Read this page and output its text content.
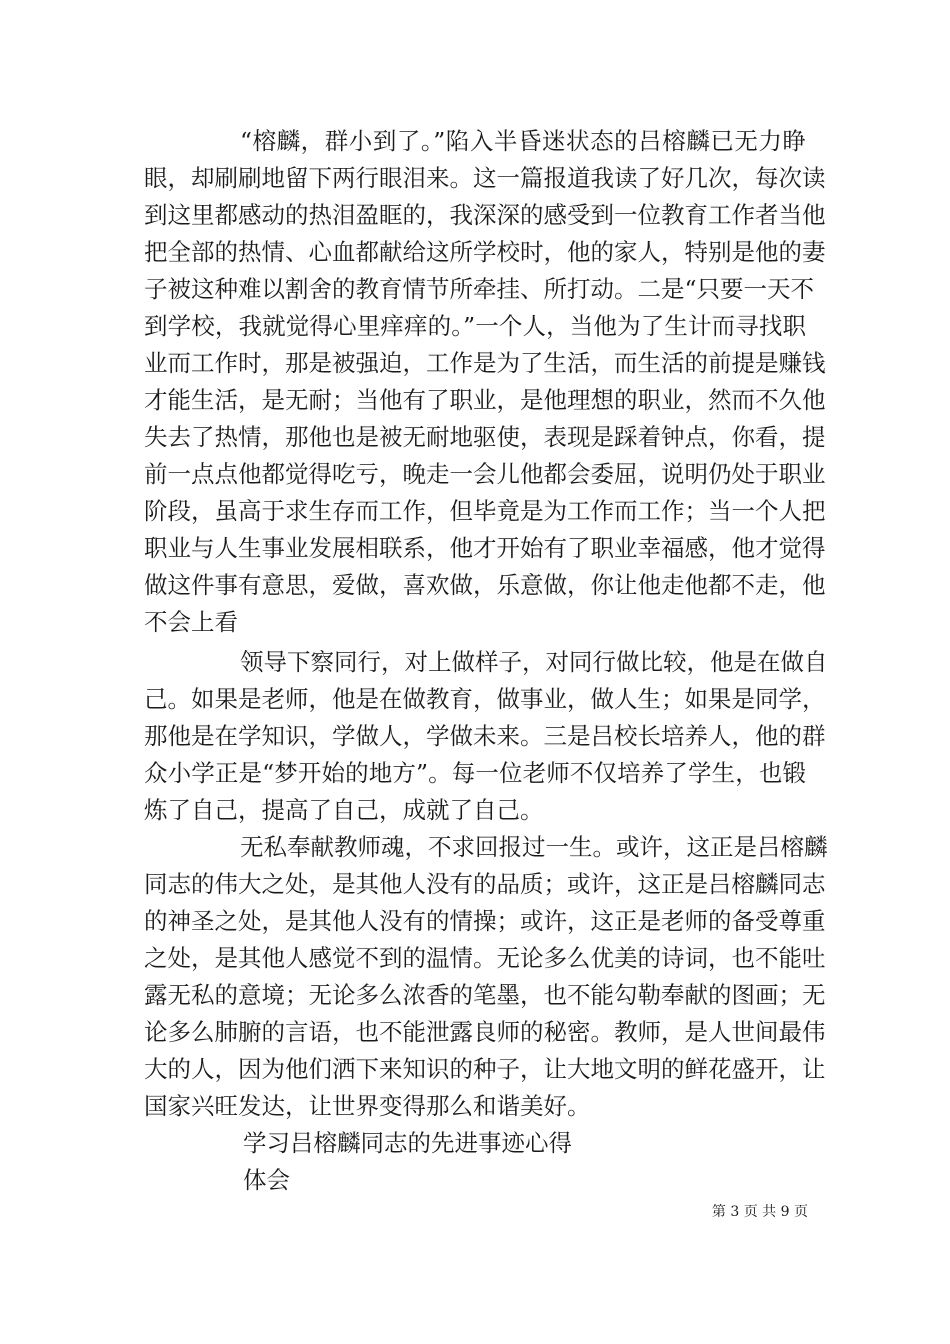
“榕麟，群小到了。”陷入半昏迷状态的吕榕麟已无力睁
眼，却刷刷地留下两行眼泪来。这一篇报道我读了好几次，每次读
到这里都感动的热泪盈眶的，我深深的感受到一位教育工作者当他
把全部的热情、心血都献给这所学校时，他的家人，特别是他的妻
子被这种难以割舍的教育情节所牵挂、所打动。二是“只要一天不
到学校，我就觉得心里痒痒的。”一个人，当他为了生计而寻找职
业而工作时，那是被强迫，工作是为了生活，而生活的前提是赚钱
才能生活，是无耐；当他有了职业，是他理想的职业，然而不久他
失去了热情，那他也是被无耐地驱使，表现是踩着钟点，你看，提
前一点点他都觉得吃亏，晚走一会儿他都会委屈，说明仍处于职业
阶段，虽高于求生存而工作，但毕竟是为工作而工作；当一个人把
职业与人生事业发展相联系，他才开始有了职业幸福感，他才觉得
做这件事有意思，爱做，喜欢做，乐意做，你让他走他都不走，他
不会上看
领导下察同行，对上做样子，对同行做比较，他是在做自
己。如果是老师，他是在做教育，做事业，做人生；如果是同学，
那他是在学知识，学做人，学做未来。三是吕校长培养人，他的群
众小学正是“梦开始的地方”。每一位老师不仅培养了学生，也锻
炼了自己，提高了自己，成就了自己。
无私奉献教师魂，不求回报过一生。或许，这正是吕榕麟
同志的伟大之处，是其他人没有的品质；或许，这正是吕榕麟同志
的神圣之处，是其他人没有的情操；或许，这正是老师的备受尊重
之处，是其他人感觉不到的温情。无论多么优美的诗词，也不能吐
露无私的意境；无论多么浓香的笔墨，也不能勾勒奉献的图画；无
论多么肺腑的言语，也不能泄露良师的秘密。教师，是人世间最伟
大的人，因为他们洒下来知识的种子，让大地文明的鲜花盛开，让
国家兴旺发达，让世界变得那么和谐美好。
学习吕榕麟同志的先进事迹心得
体会
第 3 页 共 9 页
